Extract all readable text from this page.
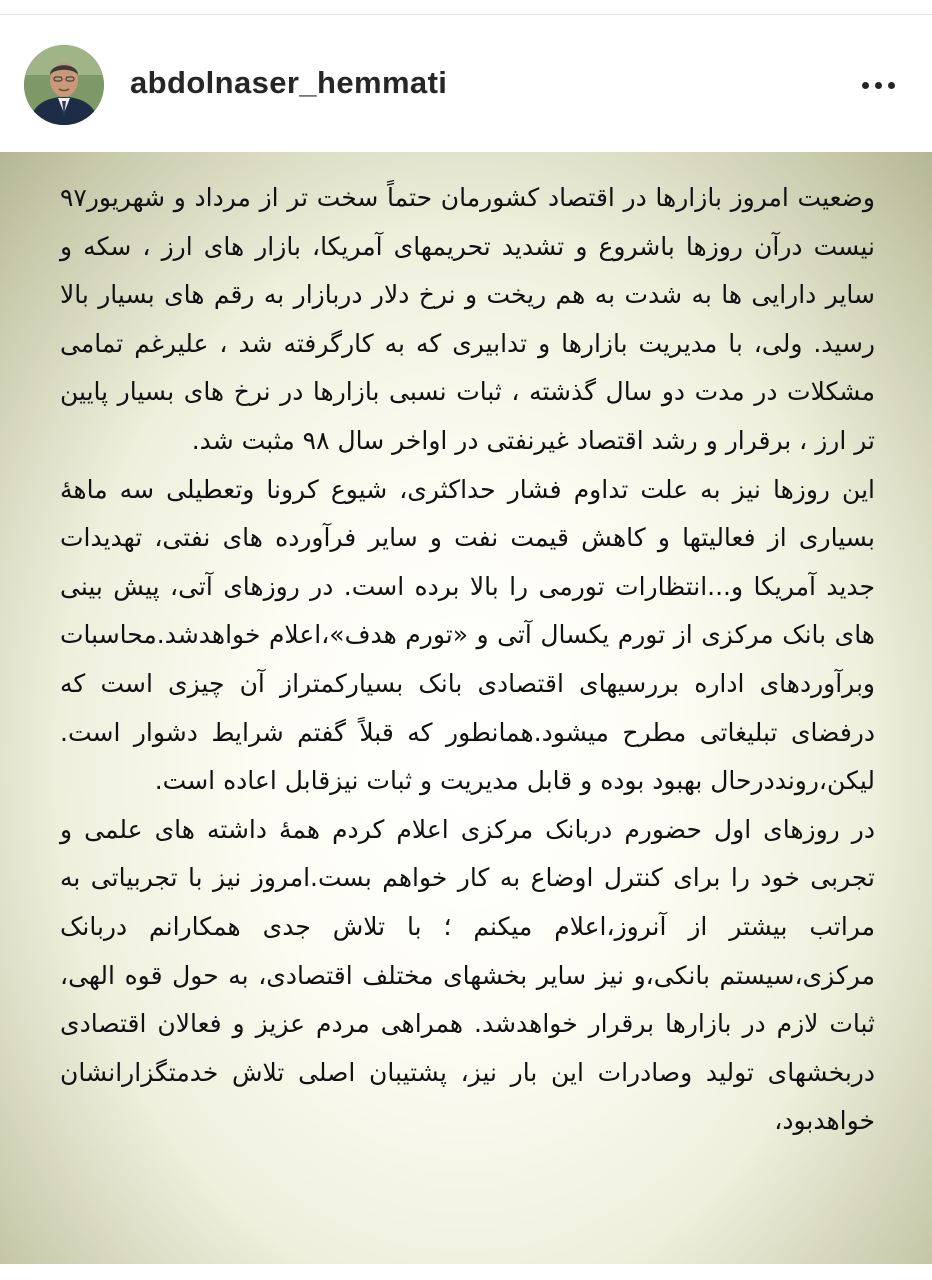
abdolnaser_hemmati

وضعیت امروز بازارها در اقتصاد کشورمان حتماً سخت تر از مرداد و شهریور۹۷ نیست درآن روزها باشروع و تشدید تحریمهای آمریکا، بازار های ارز ، سکه و سایر دارایی ها به شدت به هم ریخت و نرخ دلار دربازار به رقم های بسیار بالا رسید. ولی، با مدیریت بازارها و تدابیری که به کارگرفته شد ، علیرغم تمامی مشکلات در مدت دو سال گذشته ، ثبات نسبی بازارها در نرخ های بسیار پایین تر ارز ، برقرار و رشد اقتصاد غیرنفتی در اواخر سال ۹۸ مثبت شد.

این روزها نیز به علت تداوم فشار حداکثری، شیوع کرونا وتعطیلی سه ماهۀ بسیاری از فعالیتها و کاهش قیمت نفت و سایر فرآورده های نفتی، تهدیدات جدید آمریکا و...انتظارات تورمی را بالا برده است. در روزهای آتی، پیش بینی های بانک مرکزی از تورم یکسال آتی و «تورم هدف»،اعلام خواهدشد.محاسبات وبرآوردهای اداره بررسیهای اقتصادی بانک بسیارکمتراز آن چیزی است که درفضای تبلیغاتی مطرح میشود.همانطور که قبلاً گفتم شرایط دشوار است. لیکن،رونددرحال بهبود بوده و قابل مدیریت و ثبات نیزقابل اعاده است.

در روزهای اول حضورم دربانک مرکزی اعلام کردم همۀ داشته های علمی و تجربی خود را برای کنترل اوضاع به کار خواهم بست.امروز نیز با تجربیاتی به مراتب بیشتر از آنروز،اعلام میکنم ؛ با تلاش جدی همکارانم دربانک مرکزی،سیستم بانکی،و نیز سایر بخشهای مختلف اقتصادی، به حول قوه الهی، ثبات لازم در بازارها برقرار خواهدشد. همراهی مردم عزیز و فعالان اقتصادی دربخشهای تولید وصادرات این بار نیز، پشتیبان اصلی تلاش خدمتگزارانشان خواهدبود،
